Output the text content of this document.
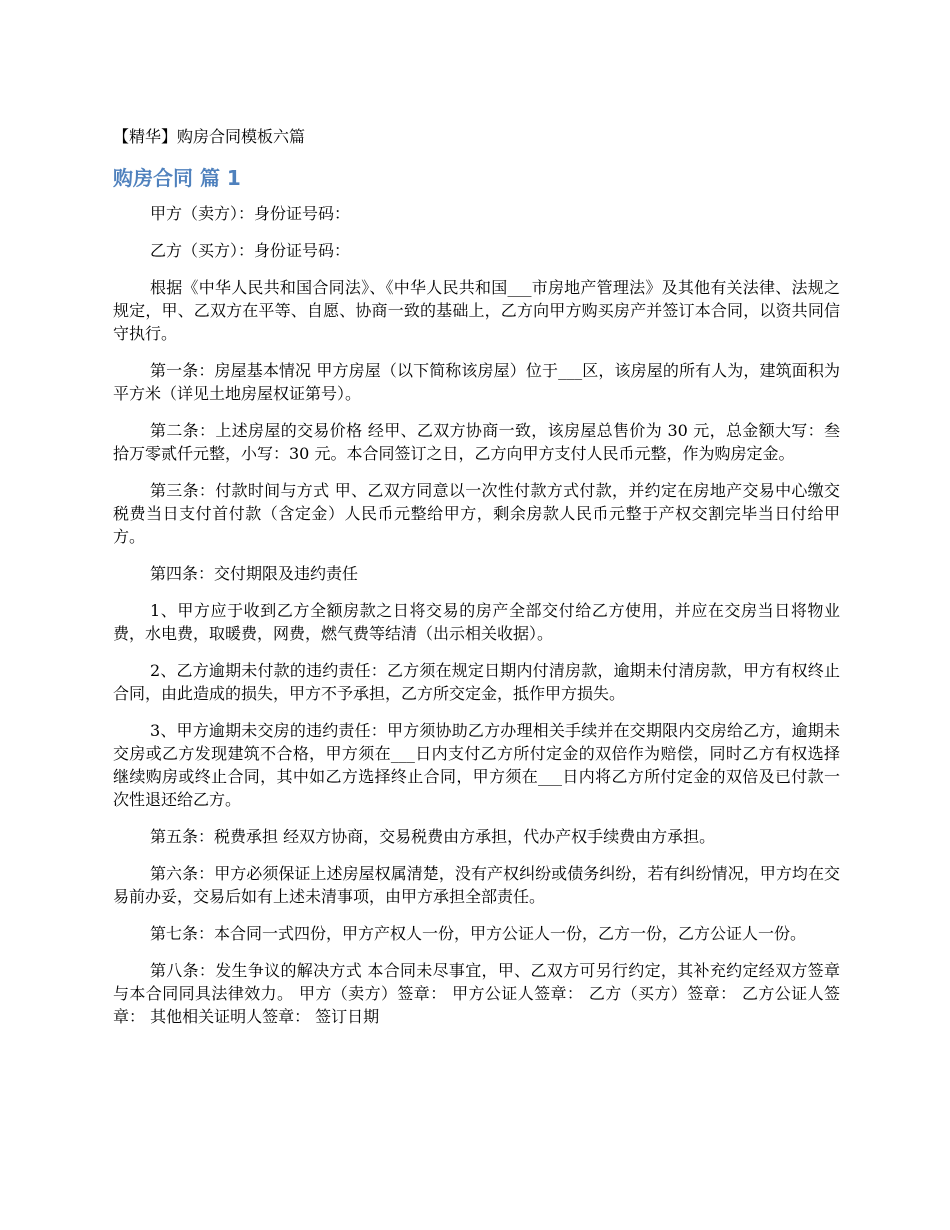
【精华】购房合同模板六篇
购房合同 篇 1

甲方（卖方）：身份证号码：

乙方（买方）：身份证号码：

根据《中华人民共和国合同法》、《中华人民共和国___市房地产管理法》及其他有关法律、法规之规定，甲、乙双方在平等、自愿、协商一致的基础上，乙方向甲方购买房产并签订本合同，以资共同信守执行。

第一条：房屋基本情况 甲方房屋（以下简称该房屋）位于___区，该房屋的所有人为，建筑面积为平方米（详见土地房屋权证第号）。

第二条：上述房屋的交易价格 经甲、乙双方协商一致，该房屋总售价为 30 元，总金额大写：叁拾万零贰仟元整，小写：30 元。本合同签订之日，乙方向甲方支付人民币元整，作为购房定金。

第三条：付款时间与方式 甲、乙双方同意以一次性付款方式付款，并约定在房地产交易中心缴交税费当日支付首付款（含定金）人民币元整给甲方，剩余房款人民币元整于产权交割完毕当日付给甲方。

第四条：交付期限及违约责任

1、甲方应于收到乙方全额房款之日将交易的房产全部交付给乙方使用，并应在交房当日将物业费，水电费，取暖费，网费，燃气费等结清（出示相关收据）。

2、乙方逾期未付款的违约责任：乙方须在规定日期内付清房款，逾期未付清房款，甲方有权终止合同，由此造成的损失，甲方不予承担，乙方所交定金，抵作甲方损失。

3、甲方逾期未交房的违约责任：甲方须协助乙方办理相关手续并在交期限内交房给乙方，逾期未交房或乙方发现建筑不合格，甲方须在___日内支付乙方所付定金的双倍作为赔偿，同时乙方有权选择继续购房或终止合同，其中如乙方选择终止合同，甲方须在___日内将乙方所付定金的双倍及已付款一次性退还给乙方。

第五条：税费承担 经双方协商，交易税费由方承担，代办产权手续费由方承担。

第六条：甲方必须保证上述房屋权属清楚，没有产权纠纷或债务纠纷，若有纠纷情况，甲方均在交易前办妥，交易后如有上述未清事项，由甲方承担全部责任。

第七条：本合同一式四份，甲方产权人一份，甲方公证人一份，乙方一份，乙方公证人一份。

第八条：发生争议的解决方式 本合同未尽事宜，甲、乙双方可另行约定，其补充约定经双方签章与本合同同具法律效力。 甲方（卖方）签章： 甲方公证人签章： 乙方（买方）签章： 乙方公证人签章： 其他相关证明人签章： 签订日期
